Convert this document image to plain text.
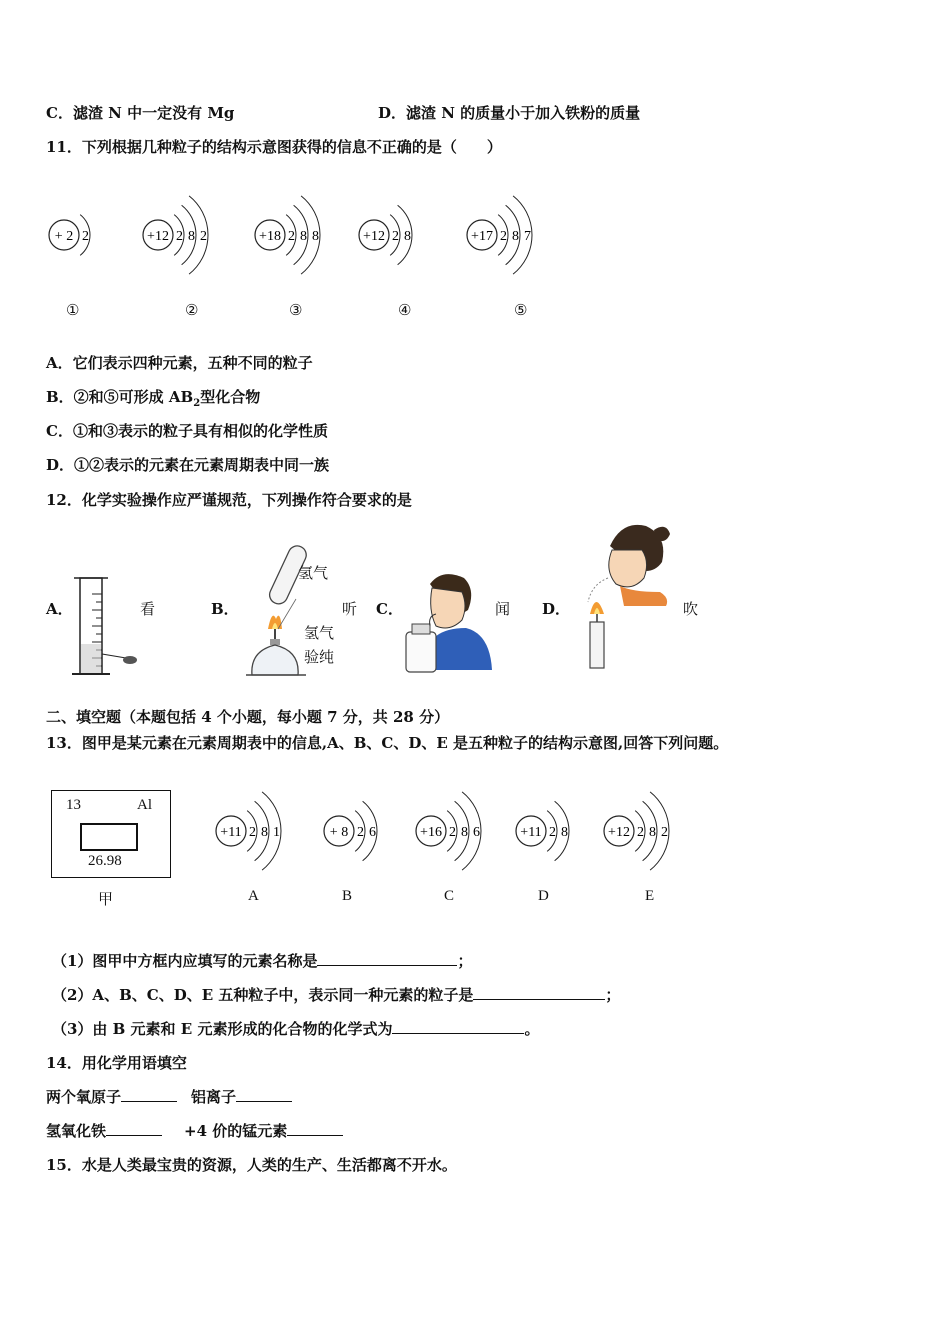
C．滤渣 N 中一定没有 Mg	D．滤渣 N 的质量小于加入铁粉的质量
11．下列根据几种粒子的结构示意图获得的信息不正确的是（　　）
+ 2 2
①
+12 2 8 2
②
+18 2 8 8
③
+12 2 8
④
+17 2 8 7
⑤
A．它们表示四种元素，五种不同的粒子
B．②和⑤可形成 $AB_2$型化合物
C．①和③表示的粒子具有相似的化学性质
D．①②表示的元素在元素周期表中同一族
12．化学实验操作应严谨规范，下列操作符合要求的是
A．	看	B．	听 C．	闻 D．	吹
氢气
氢气
验纯
二、填空题（本题包括 4 个小题，每小题 7 分，共 28 分）
13．图甲是某元素在元素周期表中的信息,A、B、C、D、E 是五种粒子的结构示意图,回答下列问题。
13	Al
26.98
甲
+11 2 8 1
A
+ 8 2 6
B
+16 2 8 6
C
+11 2 8
D
+12 2 8 2
E
（1）图甲中方框内应填写的元素名称是	；
（2）A、B、C、D、E 五种粒子中，表示同一种元素的粒子是	；
（3）由 B 元素和 E 元素形成的化合物的化学式为	。
14．用化学用语填空
两个氧原子	铝离子
氢氧化铁	+4 价的锰元素
15．水是人类最宝贵的资源，人类的生产、生活都离不开水。
